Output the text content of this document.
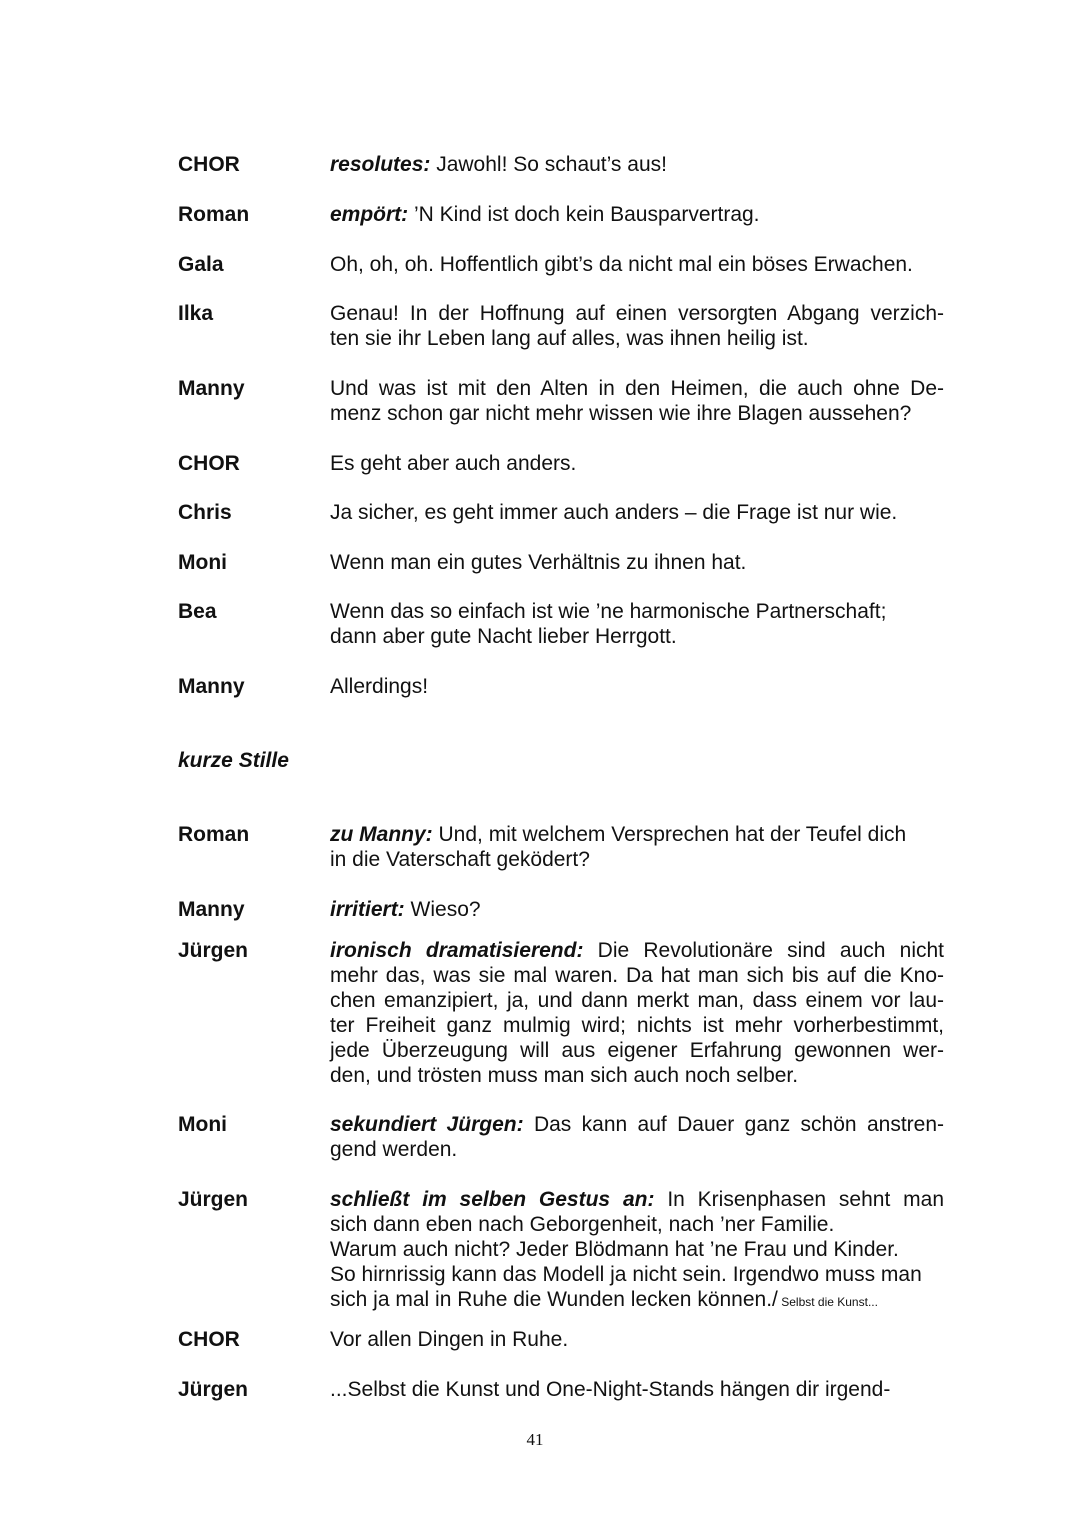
CHOR	resolutes: Jawohl! So schaut’s aus!
Roman	empört: ’N Kind ist doch kein Bausparvertrag.
Gala	Oh, oh, oh. Hoffentlich gibt’s da nicht mal ein böses Erwachen.
Ilka	Genau! In der Hoffnung auf einen versorgten Abgang verzich-
ten sie ihr Leben lang auf alles, was ihnen heilig ist.
Manny	Und was ist mit den Alten in den Heimen, die auch ohne De-
menz schon gar nicht mehr wissen wie ihre Blagen aussehen?
CHOR	Es geht aber auch anders.
Chris	Ja sicher, es geht immer auch anders – die Frage ist nur wie.
Moni	Wenn man ein gutes Verhältnis zu ihnen hat.
Bea	Wenn das so einfach ist wie ’ne harmonische Partnerschaft;
dann aber gute Nacht lieber Herrgott.
Manny	Allerdings!
kurze Stille
Roman	zu Manny: Und, mit welchem Versprechen hat der Teufel dich
in die Vaterschaft geködert?
Manny	irritiert: Wieso?
Jürgen	ironisch dramatisierend: Die Revolutionäre sind auch nicht
mehr das, was sie mal waren. Da hat man sich bis auf die Kno-
chen emanzipiert, ja, und dann merkt man, dass einem vor lau-
ter Freiheit ganz mulmig wird; nichts ist mehr vorherbestimmt,
jede Überzeugung will aus eigener Erfahrung gewonnen wer-
den, und trösten muss man sich auch noch selber.
Moni	sekundiert Jürgen: Das kann auf Dauer ganz schön anstren-
gend werden.
Jürgen	schließt im selben Gestus an: In Krisenphasen sehnt man
sich dann eben nach Geborgenheit, nach ’ner Familie.
Warum auch nicht? Jeder Blödmann hat ’ne Frau und Kinder.
So hirnrissig kann das Modell ja nicht sein. Irgendwo muss man
sich ja mal in Ruhe die Wunden lecken können./ Selbst die Kunst...
CHOR	Vor allen Dingen in Ruhe.
Jürgen	...Selbst die Kunst und One-Night-Stands hängen dir irgend-
41
